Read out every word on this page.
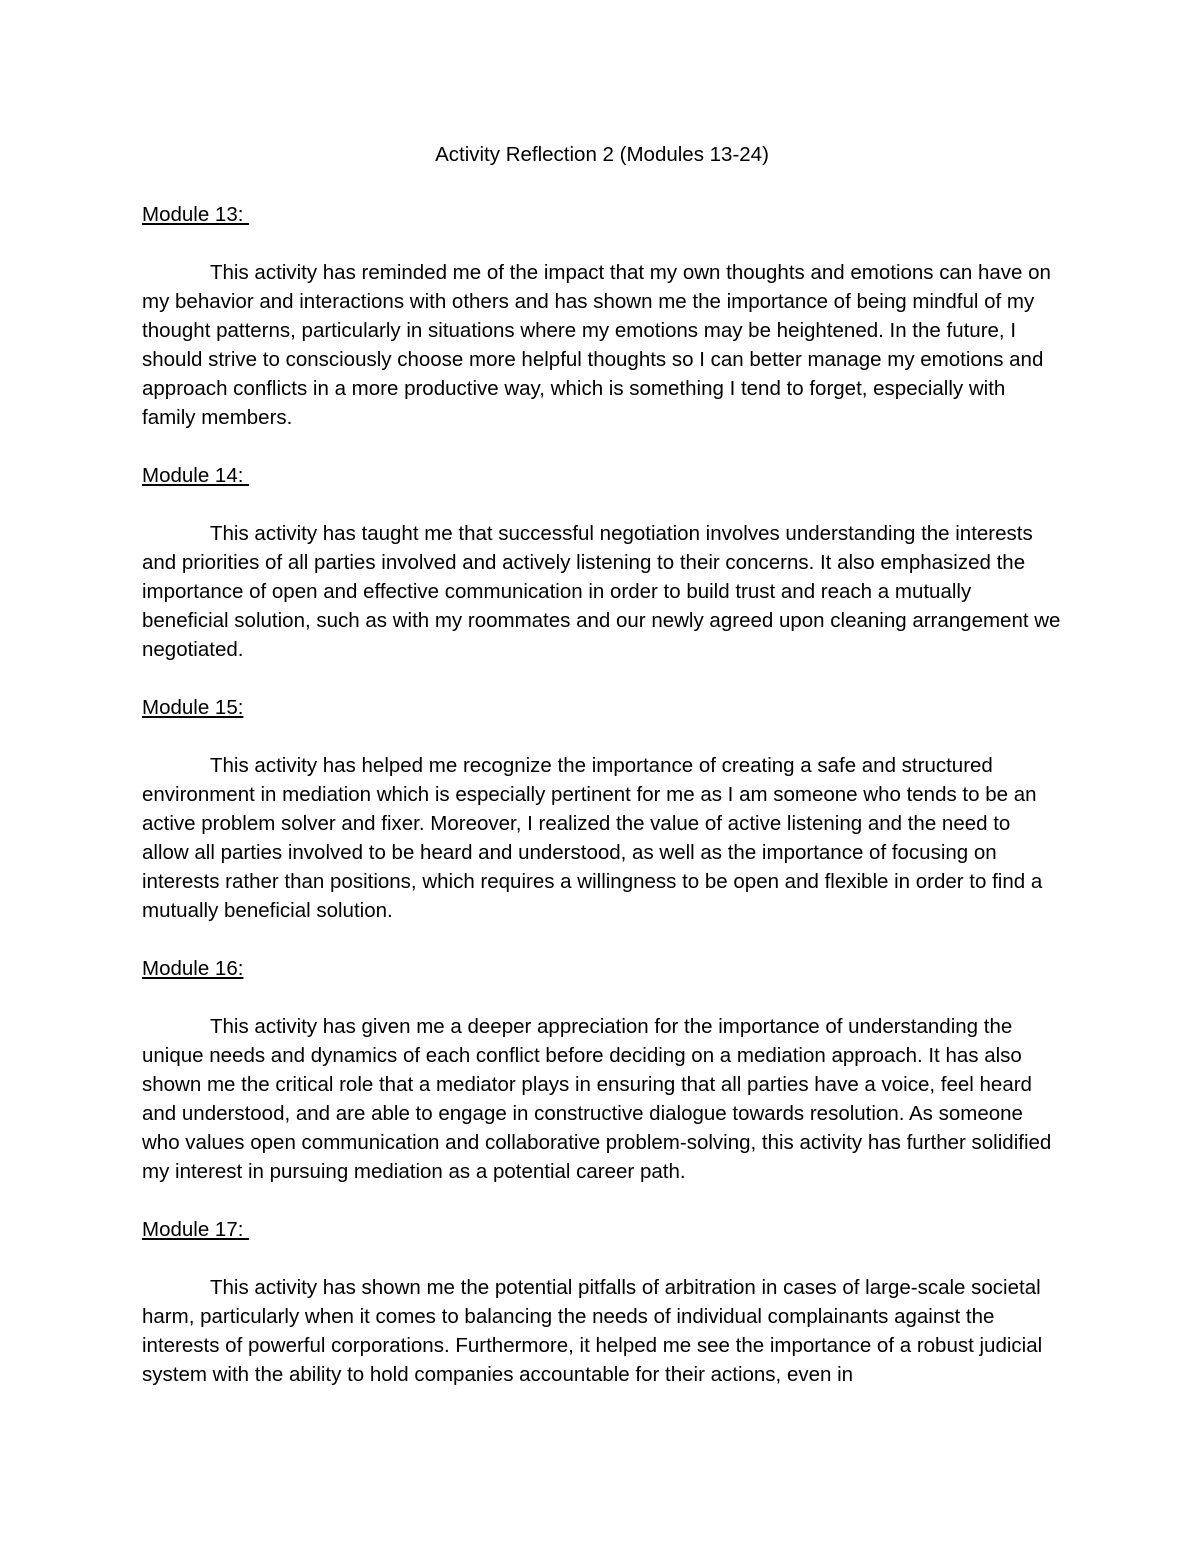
Activity Reflection 2 (Modules 13-24)

Module 13:

This activity has reminded me of the impact that my own thoughts and emotions can have on my behavior and interactions with others and has shown me the importance of being mindful of my thought patterns, particularly in situations where my emotions may be heightened. In the future, I should strive to consciously choose more helpful thoughts so I can better manage my emotions and approach conflicts in a more productive way, which is something I tend to forget, especially with family members.

Module 14:

This activity has taught me that successful negotiation involves understanding the interests and priorities of all parties involved and actively listening to their concerns. It also emphasized the importance of open and effective communication in order to build trust and reach a mutually beneficial solution, such as with my roommates and our newly agreed upon cleaning arrangement we negotiated.

Module 15:

This activity has helped me recognize the importance of creating a safe and structured environment in mediation which is especially pertinent for me as I am someone who tends to be an active problem solver and fixer. Moreover, I realized the value of active listening and the need to allow all parties involved to be heard and understood, as well as the importance of focusing on interests rather than positions, which requires a willingness to be open and flexible in order to find a mutually beneficial solution.

Module 16:

This activity has given me a deeper appreciation for the importance of understanding the unique needs and dynamics of each conflict before deciding on a mediation approach. It has also shown me the critical role that a mediator plays in ensuring that all parties have a voice, feel heard and understood, and are able to engage in constructive dialogue towards resolution. As someone who values open communication and collaborative problem-solving, this activity has further solidified my interest in pursuing mediation as a potential career path.

Module 17:

This activity has shown me the potential pitfalls of arbitration in cases of large-scale societal harm, particularly when it comes to balancing the needs of individual complainants against the interests of powerful corporations. Furthermore, it helped me see the importance of a robust judicial system with the ability to hold companies accountable for their actions, even in
